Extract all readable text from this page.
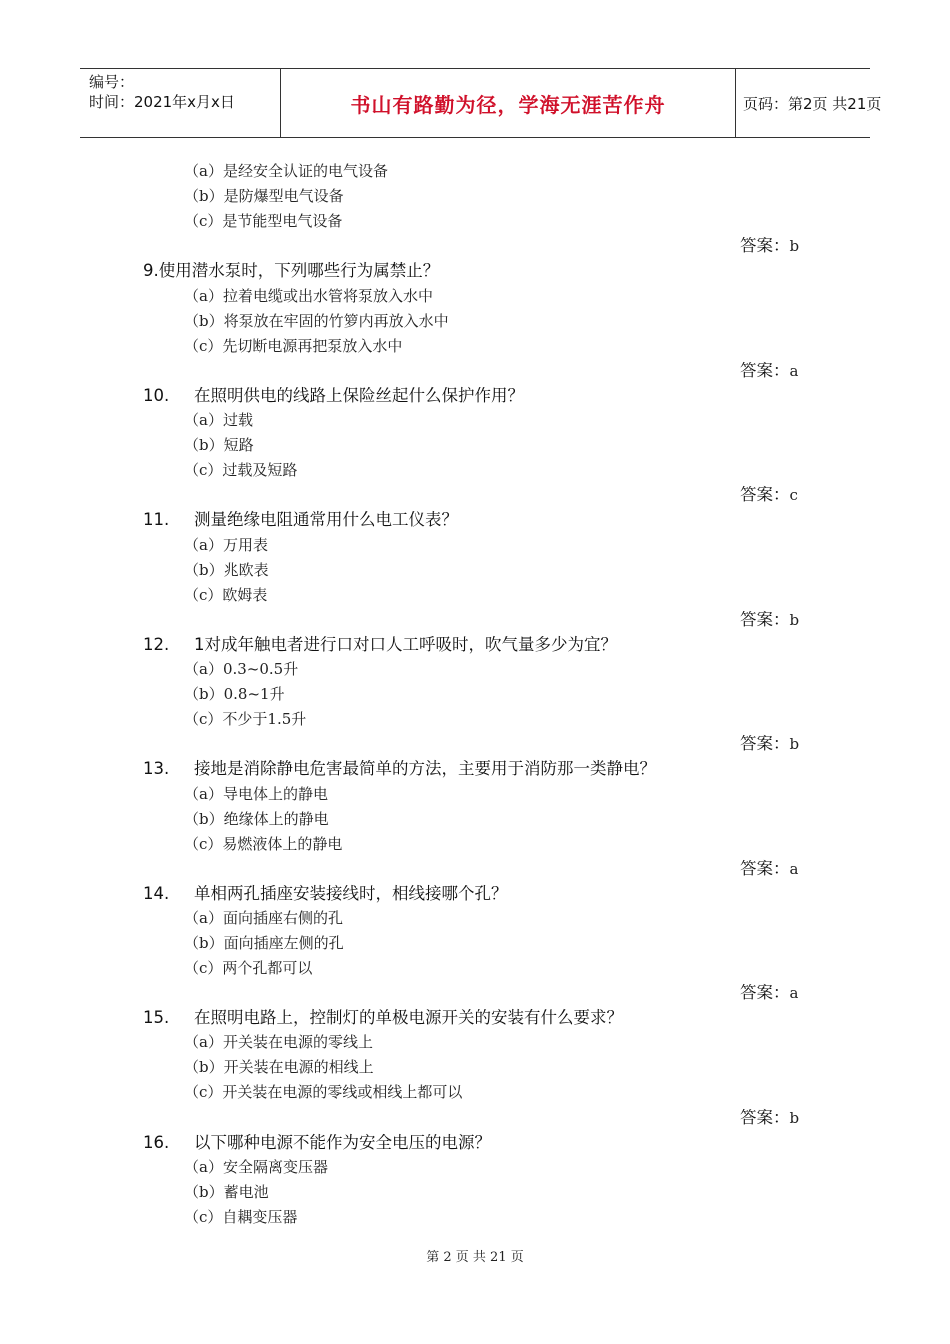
编号：
时间：2021年x月x日	书山有路勤为径，学海无涯苦作舟	页码：第2页 共21页
（a）是经安全认证的电气设备
（b）是防爆型电气设备
（c）是节能型电气设备
答案：b
9.使用潜水泵时，下列哪些行为属禁止？
（a）拉着电缆或出水管将泵放入水中
（b）将泵放在牢固的竹箩内再放入水中
（c）先切断电源再把泵放入水中
答案：a
10. 在照明供电的线路上保险丝起什么保护作用？
（a）过载
（b）短路
（c）过载及短路
答案：c
11. 测量绝缘电阻通常用什么电工仪表？
（a）万用表
（b）兆欧表
（c）欧姆表
答案：b
12. 1对成年触电者进行口对口人工呼吸时，吹气量多少为宜？
（a）0.3~0.5升
（b）0.8~1升
（c）不少于1.5升
答案：b
13. 接地是消除静电危害最简单的方法，主要用于消防那一类静电？
（a）导电体上的静电
（b）绝缘体上的静电
（c）易燃液体上的静电
答案：a
14. 单相两孔插座安装接线时，相线接哪个孔？
（a）面向插座右侧的孔
（b）面向插座左侧的孔
（c）两个孔都可以
答案：a
15. 在照明电路上，控制灯的单极电源开关的安装有什么要求？
（a）开关装在电源的零线上
（b）开关装在电源的相线上
（c）开关装在电源的零线或相线上都可以
答案：b
16. 以下哪种电源不能作为安全电压的电源？
（a）安全隔离变压器
（b）蓄电池
（c）自耦变压器
第 2 页 共 21 页
